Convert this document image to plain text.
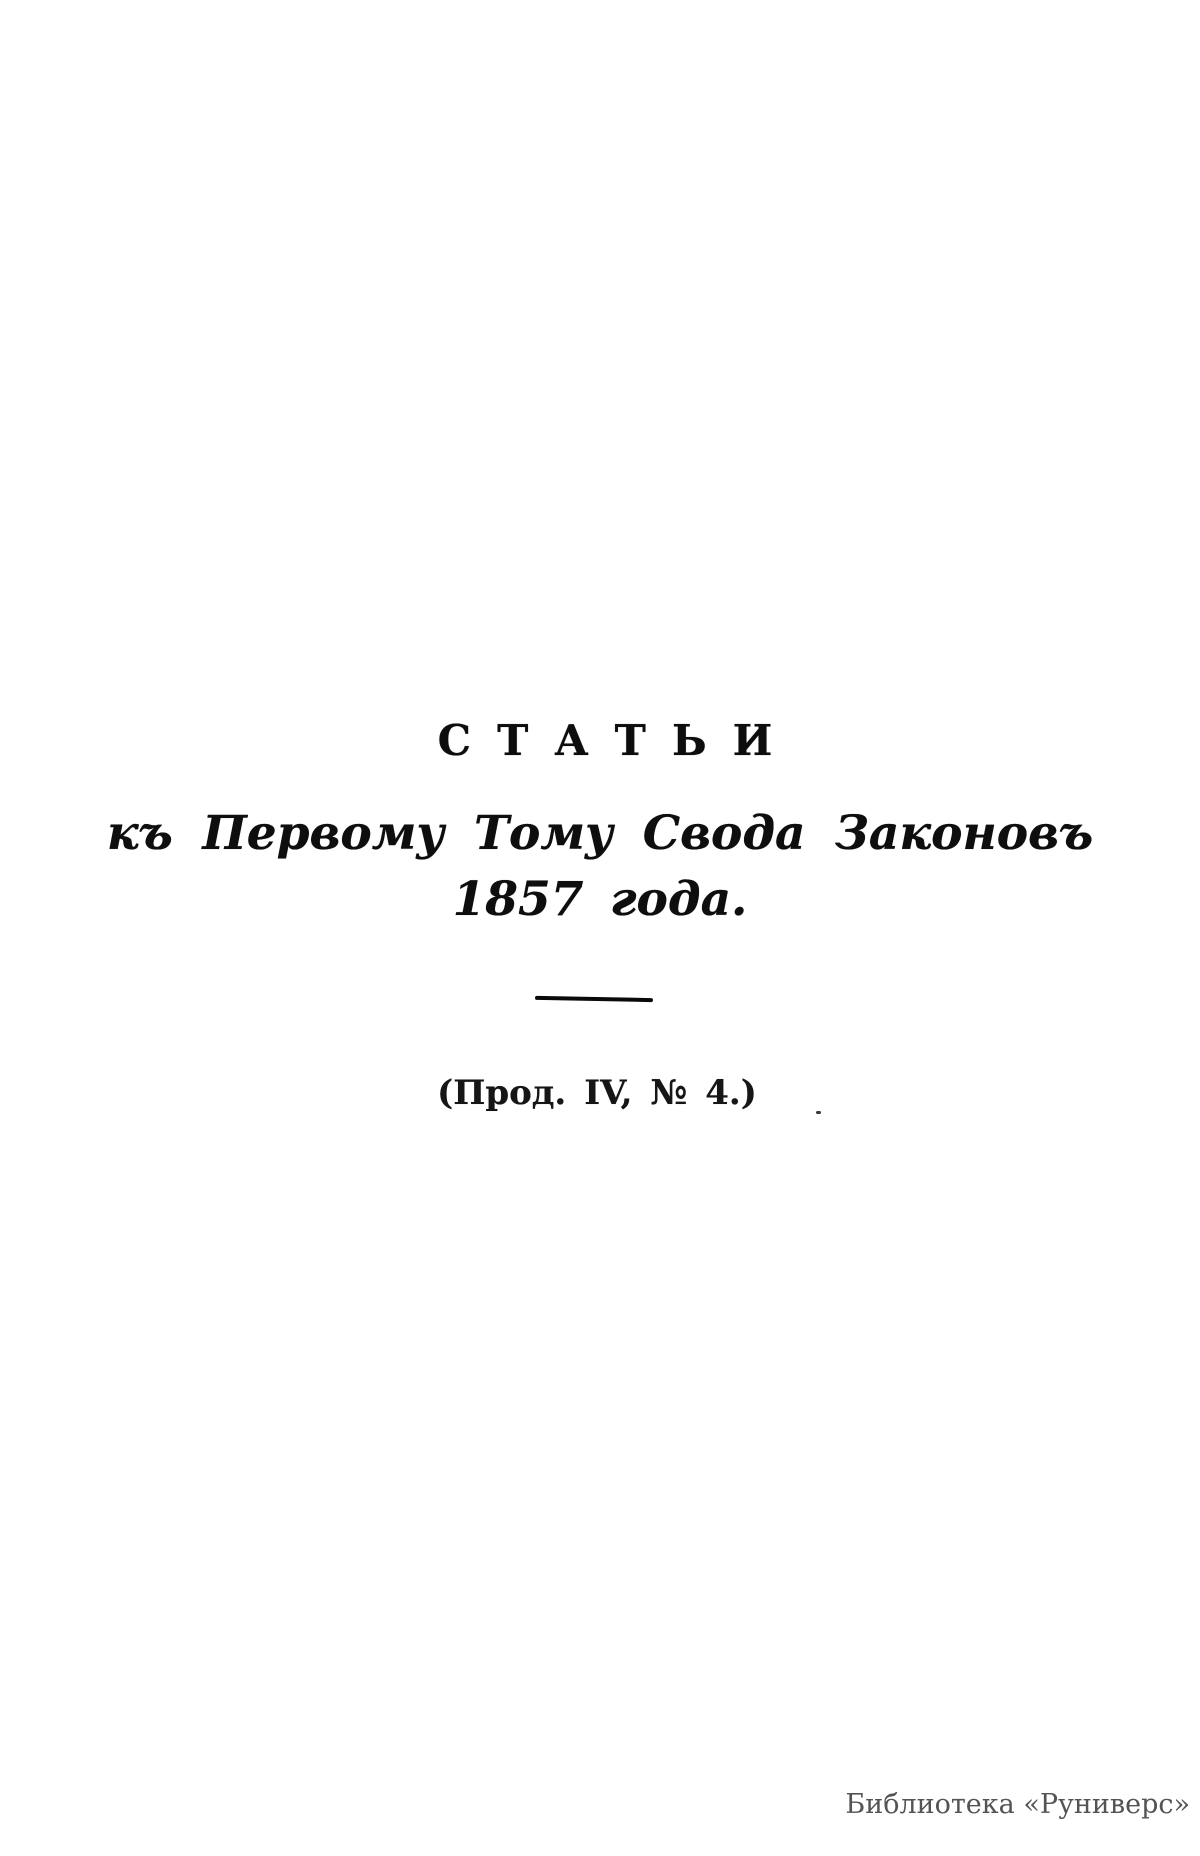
СТАТЬИ
къ Первому Тому Свода Законовъ
1857 года.
(Прод. IV, № 4.)
Библиотека «Руниверс»
